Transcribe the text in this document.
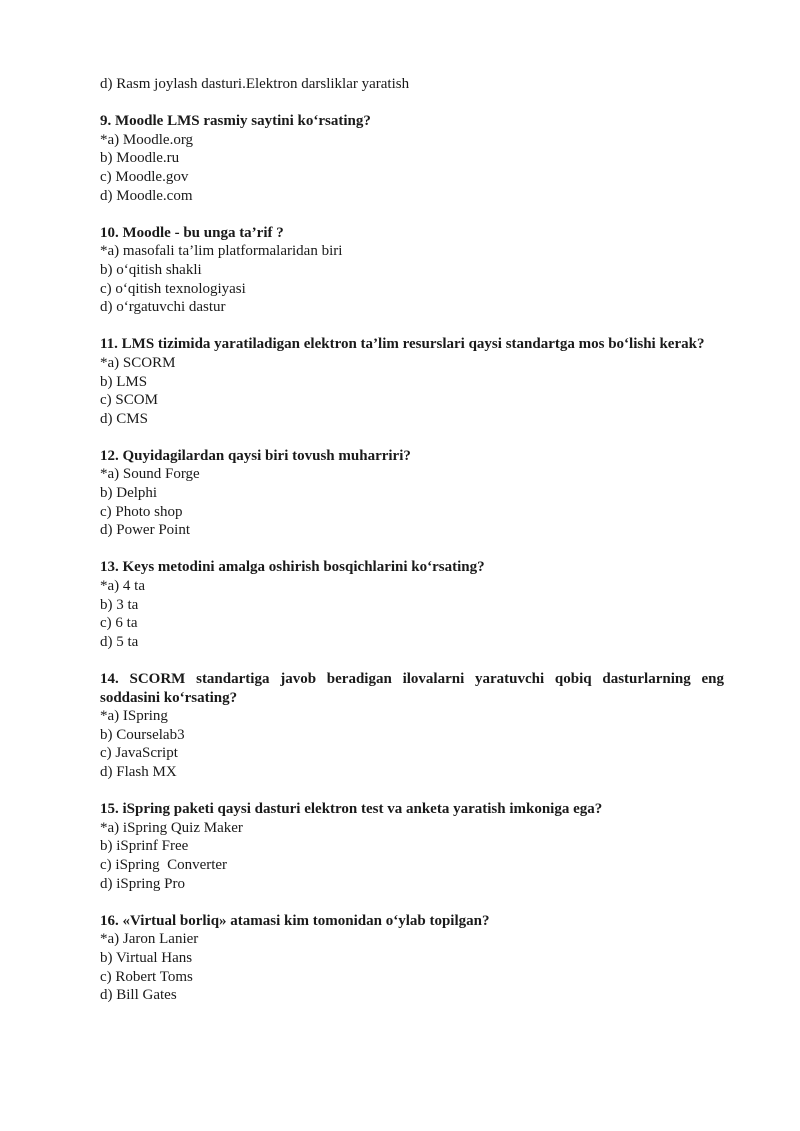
d) Rasm joylash dasturi.Elektron darsliklar yaratish

9. Moodle LMS rasmiy saytini ko‘rsating?

*a) Moodle.org

b) Moodle.ru

c) Moodle.gov

d) Moodle.com

10. Moodle - bu unga ta’rif ?

*a) masofali ta’lim platformalaridan biri

b) o‘qitish shakli

c) o‘qitish texnologiyasi

d) o‘rgatuvchi dastur

11. LMS tizimida yaratiladigan elektron ta’lim resurslari qaysi standartga mos bo‘lishi kerak?

*a) SCORM

b) LMS

c) SCOM

d) CMS

12. Quyidagilardan qaysi biri tovush muharriri?

*a) Sound Forge

b) Delphi

c) Photo shop

d) Power Point

13. Keys metodini amalga oshirish bosqichlarini ko‘rsating?

*a) 4 ta

b) 3 ta

c) 6 ta

d) 5 ta

14. SCORM standartiga javob beradigan ilovalarni yaratuvchi qobiq dasturlarning eng soddasini ko‘rsating?

*a) ISpring

b) Courselab3

c) JavaScript

d) Flash MX

15. iSpring paketi qaysi dasturi elektron test va anketa yaratish imkoniga ega?

*a) iSpring Quiz Maker

b) iSprinf Free

c) iSpring  Converter

d) iSpring Pro

16. «Virtual borliq» atamasi kim tomonidan o‘ylab topilgan?

*a) Jaron Lanier

b) Virtual Hans

c) Robert Toms

d) Bill Gates
